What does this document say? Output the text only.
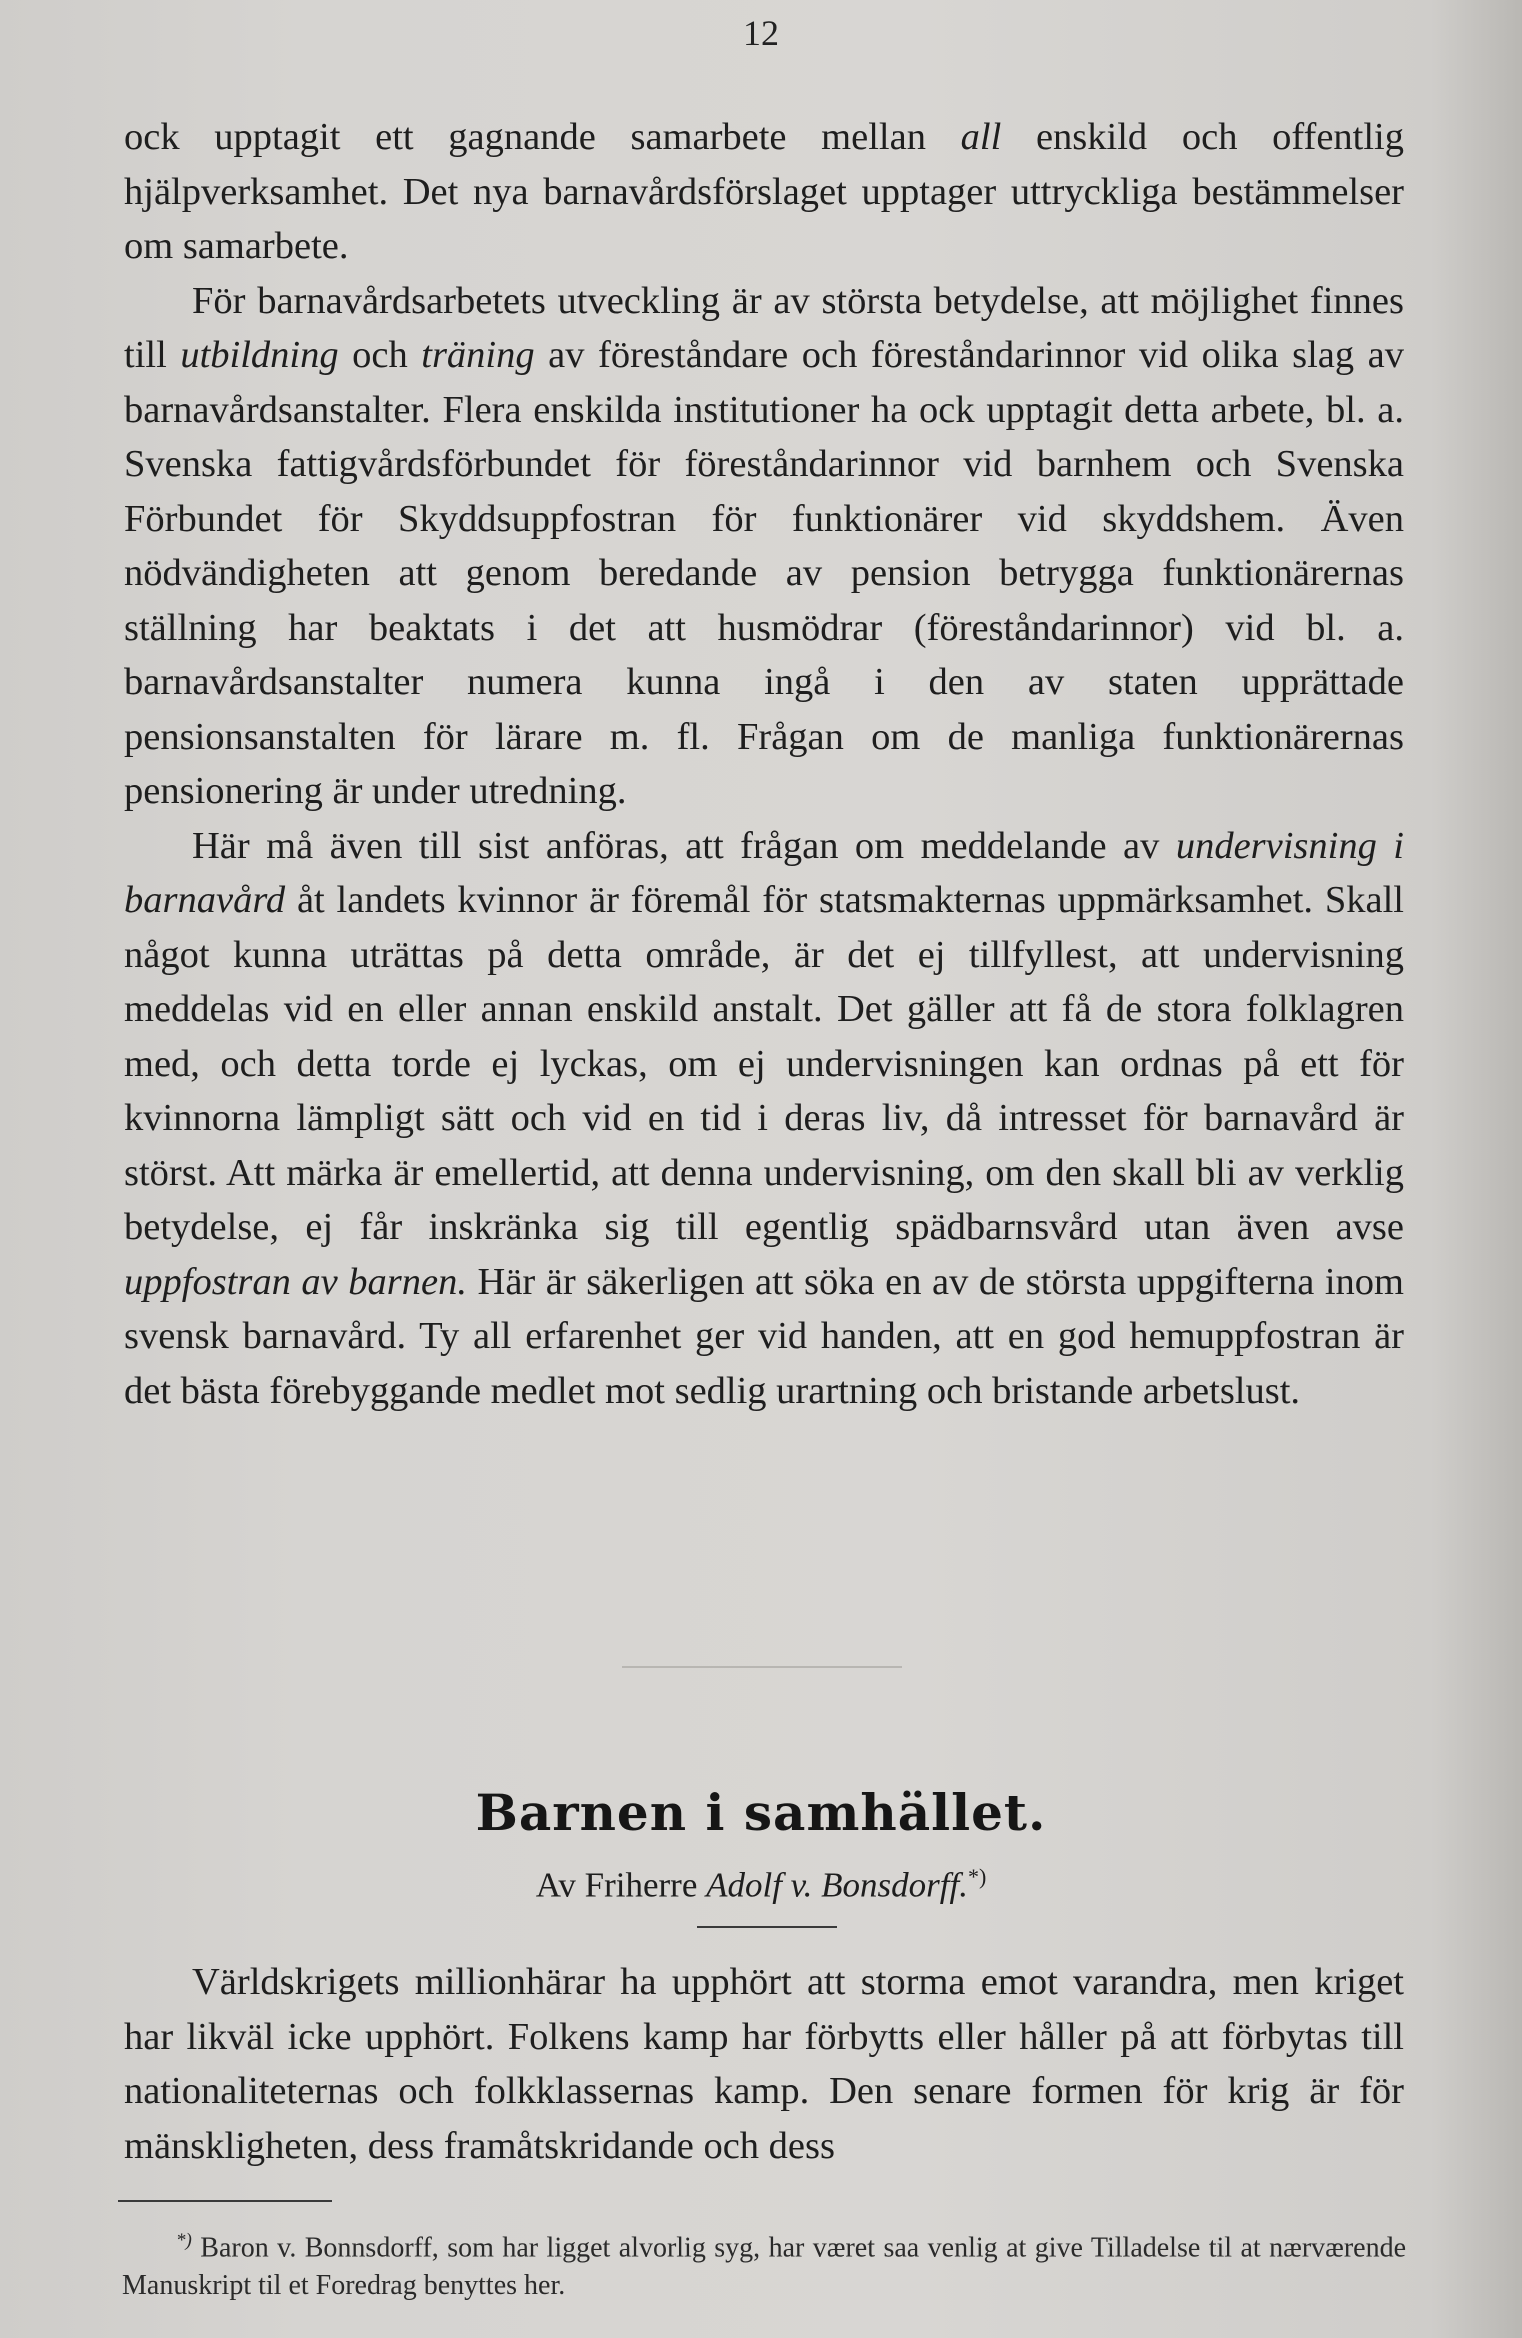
12

ock upptagit ett gagnande samarbete mellan all enskild och offentlig hjälpverksamhet. Det nya barnavårdsförslaget upptager uttryckliga bestämmelser om samarbete.

För barnavårdsarbetets utveckling är av största betydelse, att möjlighet finnes till utbildning och träning av föreståndare och föreståndarinnor vid olika slag av barnavårdsanstalter. Flera enskilda institutioner ha ock upptagit detta arbete, bl. a. Svenska fattigvårdsförbundet för föreståndarinnor vid barnhem och Svenska Förbundet för Skyddsuppfostran för funktionärer vid skyddshem. Även nödvändigheten att genom beredande av pension betrygga funktionärernas ställning har beaktats i det att husmödrar (föreståndarinnor) vid bl. a. barnavårdsanstalter numera kunna ingå i den av staten upprättade pensionsanstalten för lärare m. fl. Frågan om de manliga funktionärernas pensionering är under utredning.

Här må även till sist anföras, att frågan om meddelande av undervisning i barnavård åt landets kvinnor är föremål för statsmakternas uppmärksamhet. Skall något kunna uträttas på detta område, är det ej tillfyllest, att undervisning meddelas vid en eller annan enskild anstalt. Det gäller att få de stora folklagren med, och detta torde ej lyckas, om ej undervisningen kan ordnas på ett för kvinnorna lämpligt sätt och vid en tid i deras liv, då intresset för barnavård är störst. Att märka är emellertid, att denna undervisning, om den skall bli av verklig betydelse, ej får inskränka sig till egentlig spädbarnsvård utan även avse uppfostran av barnen. Här är säkerligen att söka en av de största uppgifterna inom svensk barnavård. Ty all erfarenhet ger vid handen, att en god hemuppfostran är det bästa förebyggande medlet mot sedlig urartning och bristande arbetslust.

Barnen i samhället.
Av Friherre Adolf v. Bonsdorff.*)

Världskrigets millionhärar ha upphört att storma emot varandra, men kriget har likväl icke upphört. Folkens kamp har förbytts eller håller på att förbytas till nationaliteternas och folkklassernas kamp. Den senare formen för krig är för mänskligheten, dess framåtskridande och dess

*) Baron v. Bonnsdorff, som har ligget alvorlig syg, har været saa venlig at give Tilladelse til at nærværende Manuskript til et Foredrag benyttes her.
